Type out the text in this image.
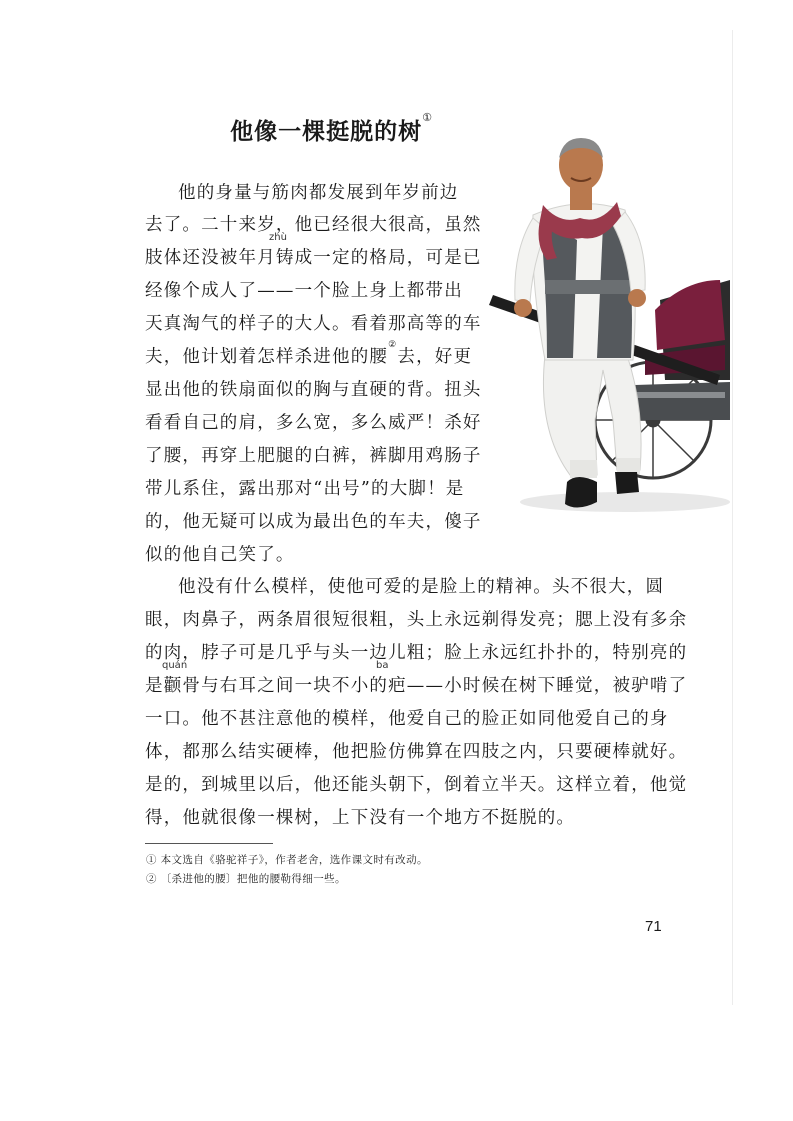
他像一棵挺脱的树①
他的身量与筋肉都发展到年岁前边
去了。二十来岁，他已经很大很高，虽然
zhù
肢体还没被年月铸成一定的格局，可是已
经像个成人了——一个脸上身上都带出
天真淘气的样子的大人。看着那高等的车
夫，他计划着怎样杀进他的腰②去，好更
显出他的铁扇面似的胸与直硬的背。扭头
看看自己的肩，多么宽，多么威严！杀好
了腰，再穿上肥腿的白裤，裤脚用鸡肠子
带儿系住，露出那对“出号”的大脚！是
的，他无疑可以成为最出色的车夫，傻子
似的他自己笑了。
他没有什么模样，使他可爱的是脸上的精神。头不很大，圆
眼，肉鼻子，两条眉很短很粗，头上永远剃得发亮；腮上没有多余
的肉，脖子可是几乎与头一边儿粗；脸上永远红扑扑的，特别亮的
quán	ba
是颧骨与右耳之间一块不小的疤——小时候在树下睡觉，被驴啃了
一口。他不甚注意他的模样，他爱自己的脸正如同他爱自己的身
体，都那么结实硬棒，他把脸仿佛算在四肢之内，只要硬棒就好。
是的，到城里以后，他还能头朝下，倒着立半天。这样立着，他觉
得，他就很像一棵树，上下没有一个地方不挺脱的。
① 本文选自《骆驼祥子》，作者老舍，选作课文时有改动。
② 〔杀进他的腰〕把他的腰勒得细一些。
71
